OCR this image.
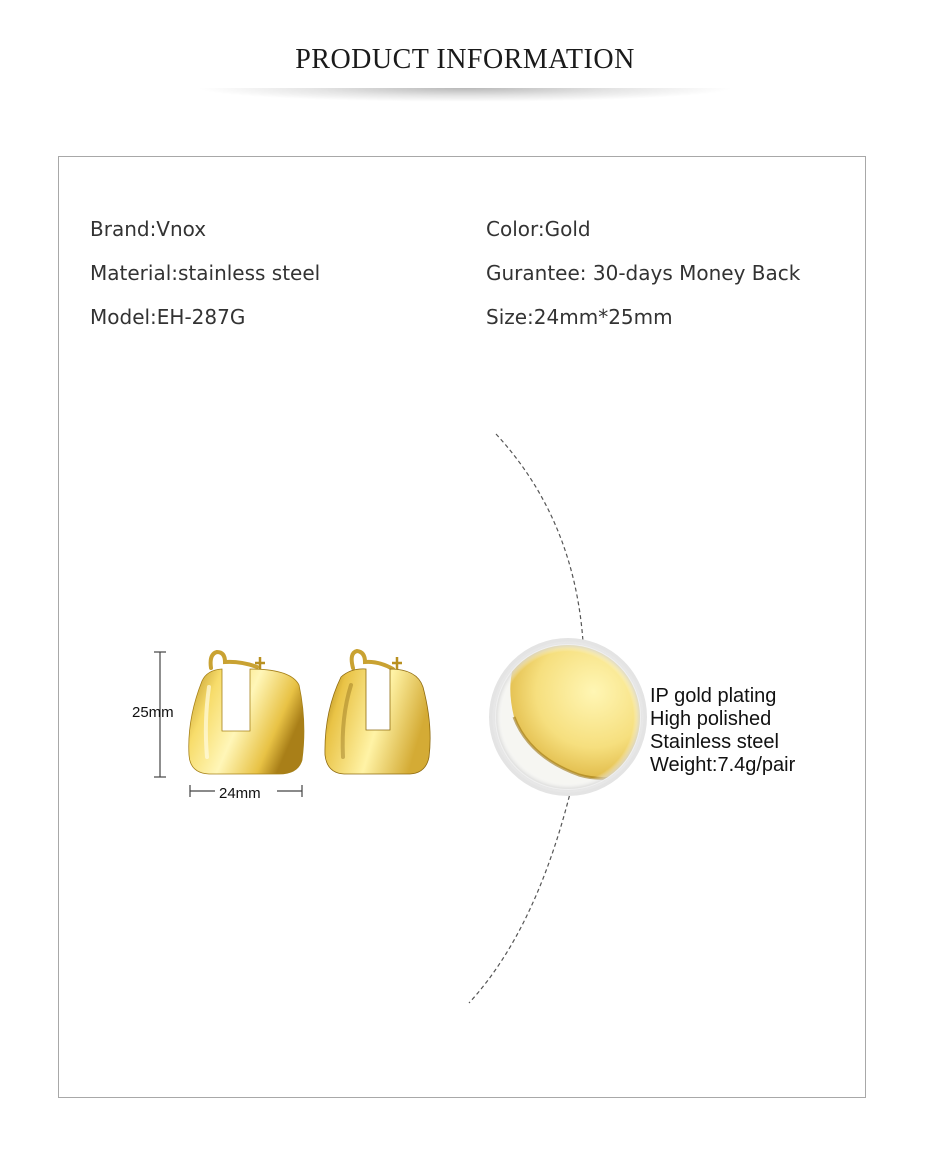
PRODUCT INFORMATION
Brand:Vnox
Material:stainless steel
Model:EH-287G
Color:Gold
Gurantee: 30-days Money Back
Size:24mm*25mm
25mm
24mm
IP gold plating
High polished
Stainless steel
Weight:7.4g/pair
